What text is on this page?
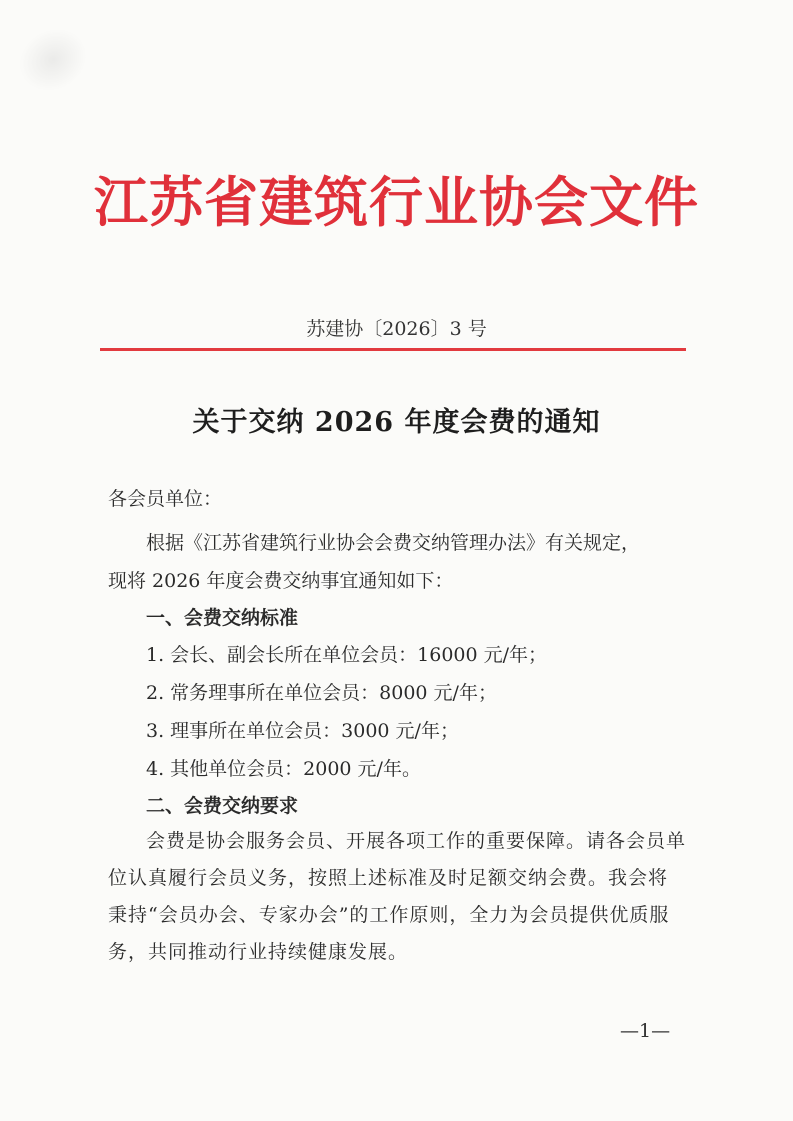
江苏省建筑行业协会文件
苏建协〔2026〕3 号
关于交纳 2026 年度会费的通知
各会员单位：
根据《江苏省建筑行业协会会费交纳管理办法》有关规定，
现将 2026 年度会费交纳事宜通知如下：
一、会费交纳标准
1. 会长、副会长所在单位会员：16000 元/年；
2. 常务理事所在单位会员：8000 元/年；
3. 理事所在单位会员：3000 元/年；
4. 其他单位会员：2000 元/年。
二、会费交纳要求
会费是协会服务会员、开展各项工作的重要保障。请各会员单位认真履行会员义务，按照上述标准及时足额交纳会费。我会将秉持“会员办会、专家办会”的工作原则，全力为会员提供优质服务，共同推动行业持续健康发展。
—1—
